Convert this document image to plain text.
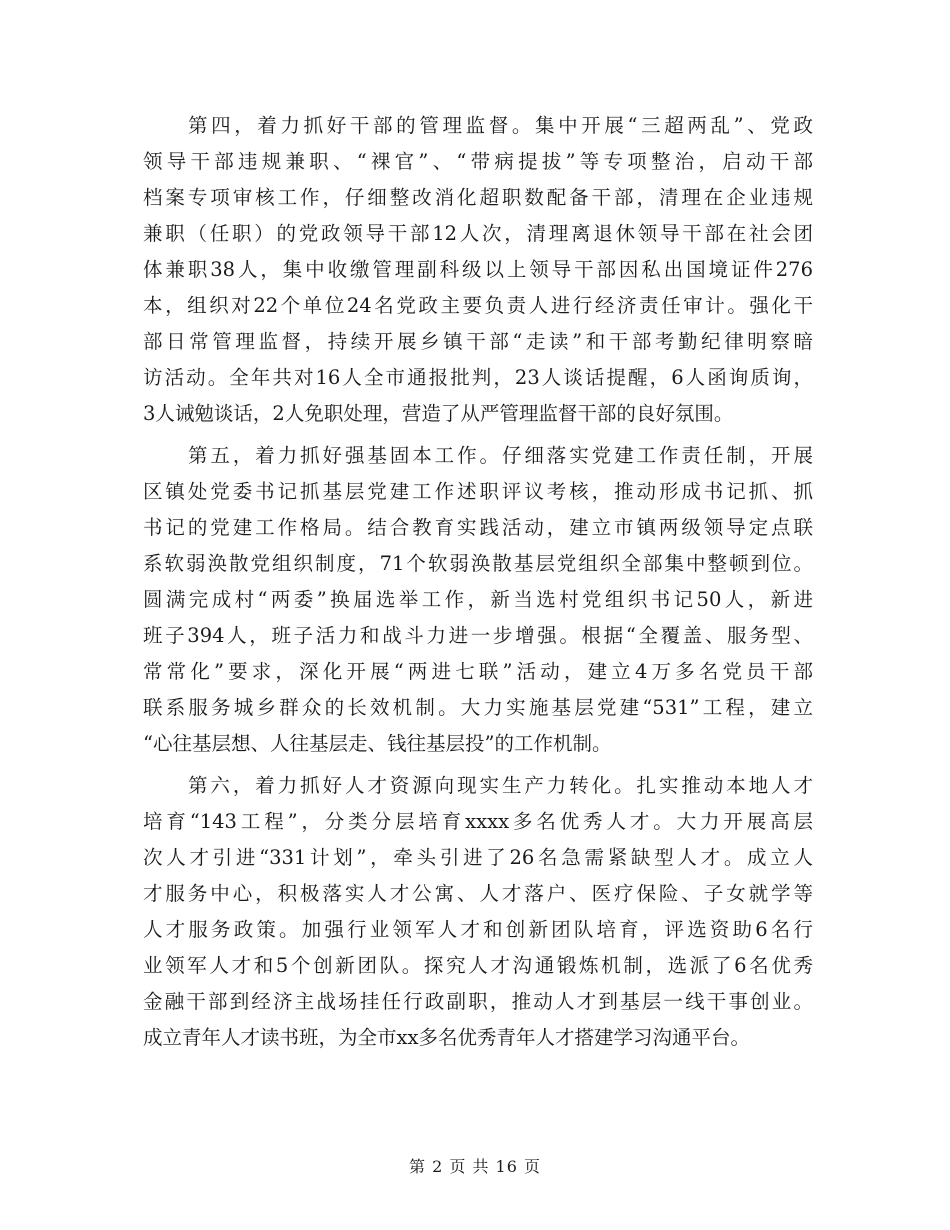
第四，着力抓好干部的管理监督。集中开展“三超两乱”、党政
领导干部违规兼职、“裸官”、“带病提拔”等专项整治，启动干部
档案专项审核工作，仔细整改消化超职数配备干部，清理在企业违规
兼职（任职）的党政领导干部12人次，清理离退休领导干部在社会团
体兼职38人，集中收缴管理副科级以上领导干部因私出国境证件276
本，组织对22个单位24名党政主要负责人进行经济责任审计。强化干
部日常管理监督，持续开展乡镇干部“走读”和干部考勤纪律明察暗
访活动。全年共对16人全市通报批判，23人谈话提醒，6人函询质询，
3人诫勉谈话，2人免职处理，营造了从严管理监督干部的良好氛围。
第五，着力抓好强基固本工作。仔细落实党建工作责任制，开展
区镇处党委书记抓基层党建工作述职评议考核，推动形成书记抓、抓
书记的党建工作格局。结合教育实践活动，建立市镇两级领导定点联
系软弱涣散党组织制度，71个软弱涣散基层党组织全部集中整顿到位。
圆满完成村“两委”换届选举工作，新当选村党组织书记50人，新进
班子394人，班子活力和战斗力进一步增强。根据“全覆盖、服务型、
常常化”要求，深化开展“两进七联”活动，建立4万多名党员干部
联系服务城乡群众的长效机制。大力实施基层党建“531”工程，建立
“心往基层想、人往基层走、钱往基层投”的工作机制。
第六，着力抓好人才资源向现实生产力转化。扎实推动本地人才
培育“143工程”，分类分层培育xxxx多名优秀人才。大力开展高层
次人才引进“331计划”，牵头引进了26名急需紧缺型人才。成立人
才服务中心，积极落实人才公寓、人才落户、医疗保险、子女就学等
人才服务政策。加强行业领军人才和创新团队培育，评选资助6名行
业领军人才和5个创新团队。探究人才沟通锻炼机制，选派了6名优秀
金融干部到经济主战场挂任行政副职，推动人才到基层一线干事创业。
成立青年人才读书班，为全市xx多名优秀青年人才搭建学习沟通平台。
第 2 页 共 16 页
